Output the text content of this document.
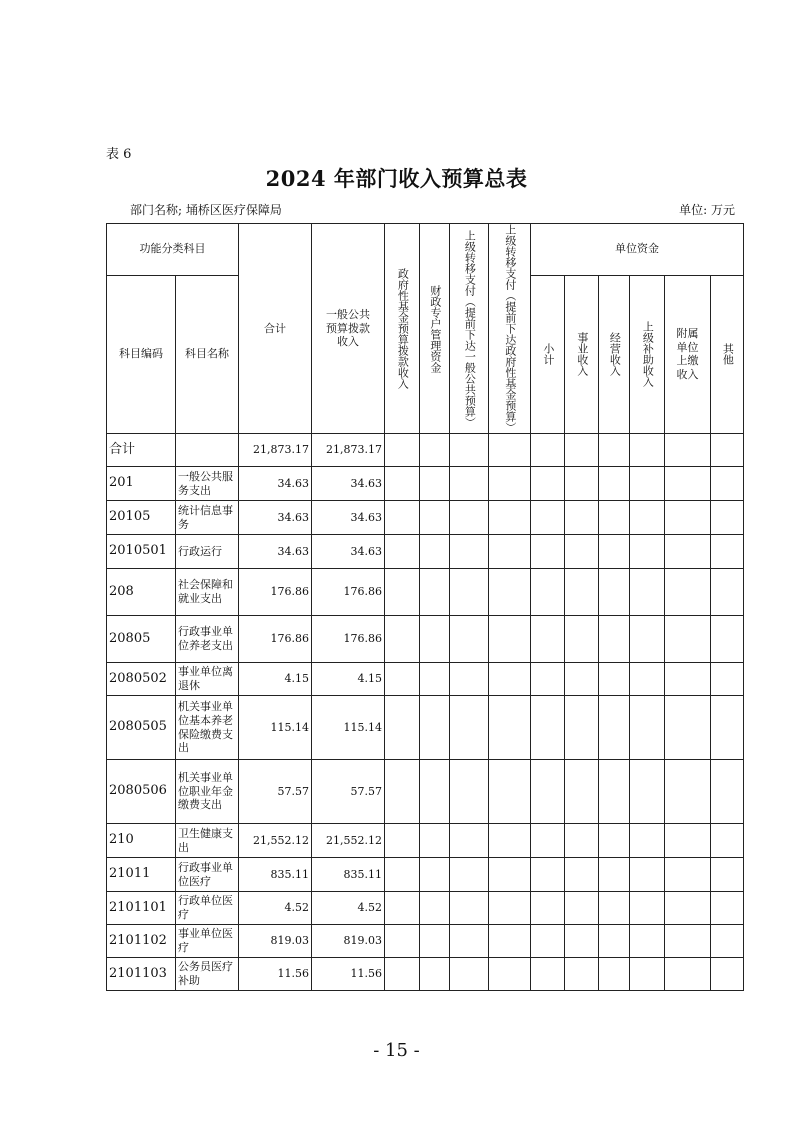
表 6
2024 年部门收入预算总表
部门名称; 埇桥区医疗保障局	单位: 万元
功能分类科目		合计	一般公共预算拨款收入	政府性基金预算拨款收入	财政专户管理资金	上级转移支付（提前下达一般公共预算）	上级转移支付（提前下达政府性基金预算）	单位资金					
科目编码	科目名称							小计	事业收入	经营收入	上级补助收入	附属单位上缴收入	其他

合计		21,873.17	21,873.17										
201	一般公共服务支出	34.63	34.63										
20105	统计信息事务	34.63	34.63										
2010501	行政运行	34.63	34.63										
208	社会保障和就业支出	176.86	176.86										
20805	行政事业单位养老支出	176.86	176.86										
2080502	事业单位离退休	4.15	4.15										
2080505	机关事业单位基本养老保险缴费支出	115.14	115.14										
2080506	机关事业单位职业年金缴费支出	57.57	57.57										
210	卫生健康支出	21,552.12	21,552.12										
21011	行政事业单位医疗	835.11	835.11										
2101101	行政单位医疗	4.52	4.52										
2101102	事业单位医疗	819.03	819.03										
2101103	公务员医疗补助	11.56	11.56										
- 15 -
